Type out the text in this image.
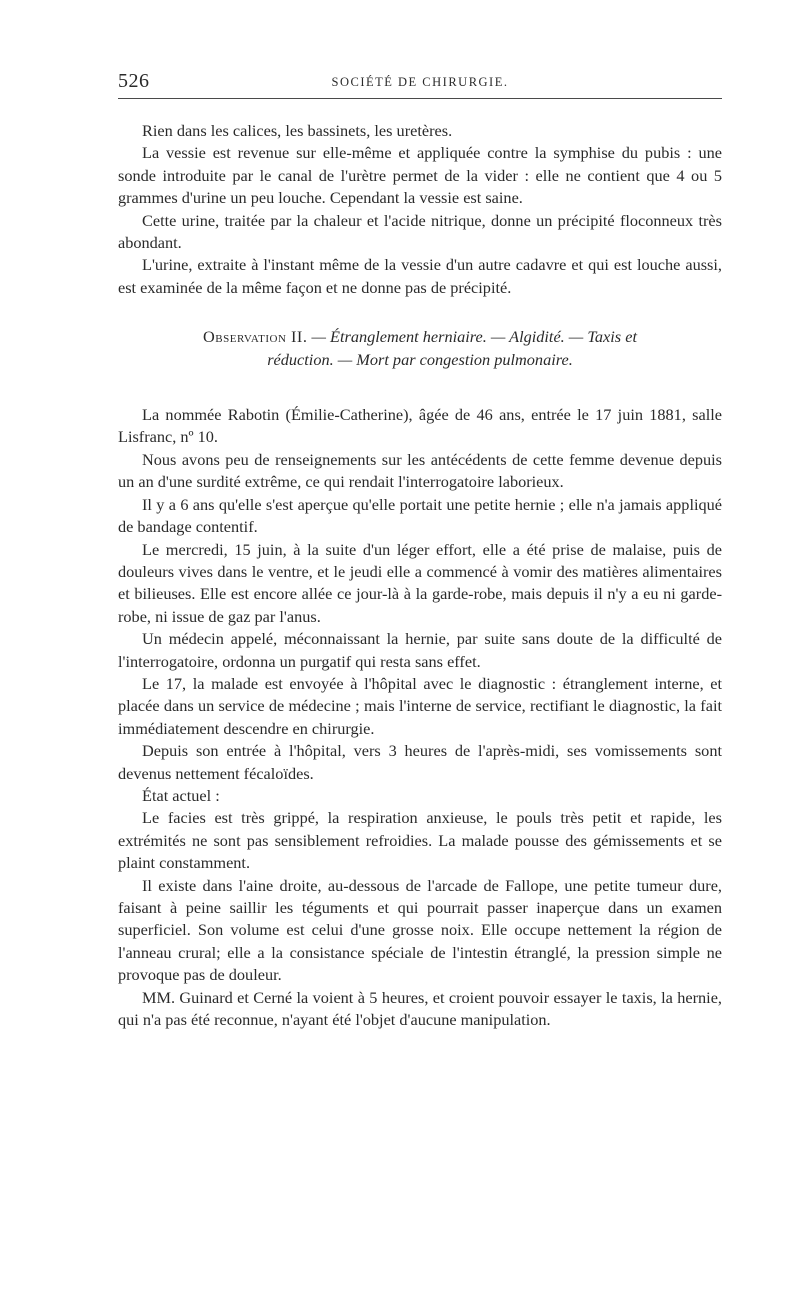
526	SOCIÉTÉ DE CHIRURGIE.

Rien dans les calices, les bassinets, les uretères.

La vessie est revenue sur elle-même et appliquée contre la symphise du pubis : une sonde introduite par le canal de l'urètre permet de la vider : elle ne contient que 4 ou 5 grammes d'urine un peu louche. Cependant la vessie est saine.

Cette urine, traitée par la chaleur et l'acide nitrique, donne un précipité floconneux très abondant.

L'urine, extraite à l'instant même de la vessie d'un autre cadavre et qui est louche aussi, est examinée de la même façon et ne donne pas de précipité.

Observation II. — Étranglement herniaire. — Algidité. — Taxis et
réduction. — Mort par congestion pulmonaire.

La nommée Rabotin (Émilie-Catherine), âgée de 46 ans, entrée le 17 juin 1881, salle Lisfranc, nº 10.

Nous avons peu de renseignements sur les antécédents de cette femme devenue depuis un an d'une surdité extrême, ce qui rendait l'interrogatoire laborieux.

Il y a 6 ans qu'elle s'est aperçue qu'elle portait une petite hernie ; elle n'a jamais appliqué de bandage contentif.

Le mercredi, 15 juin, à la suite d'un léger effort, elle a été prise de malaise, puis de douleurs vives dans le ventre, et le jeudi elle a commencé à vomir des matières alimentaires et bilieuses. Elle est encore allée ce jour-là à la garde-robe, mais depuis il n'y a eu ni garde-robe, ni issue de gaz par l'anus.

Un médecin appelé, méconnaissant la hernie, par suite sans doute de la difficulté de l'interrogatoire, ordonna un purgatif qui resta sans effet.

Le 17, la malade est envoyée à l'hôpital avec le diagnostic : étranglement interne, et placée dans un service de médecine ; mais l'interne de service, rectifiant le diagnostic, la fait immédiatement descendre en chirurgie.

Depuis son entrée à l'hôpital, vers 3 heures de l'après-midi, ses vomissements sont devenus nettement fécaloïdes.

État actuel :

Le facies est très grippé, la respiration anxieuse, le pouls très petit et rapide, les extrémités ne sont pas sensiblement refroidies. La malade pousse des gémissements et se plaint constamment.

Il existe dans l'aine droite, au-dessous de l'arcade de Fallope, une petite tumeur dure, faisant à peine saillir les téguments et qui pourrait passer inaperçue dans un examen superficiel. Son volume est celui d'une grosse noix. Elle occupe nettement la région de l'anneau crural; elle a la consistance spéciale de l'intestin étranglé, la pression simple ne provoque pas de douleur.

MM. Guinard et Cerné la voient à 5 heures, et croient pouvoir essayer le taxis, la hernie, qui n'a pas été reconnue, n'ayant été l'objet d'aucune manipulation.
